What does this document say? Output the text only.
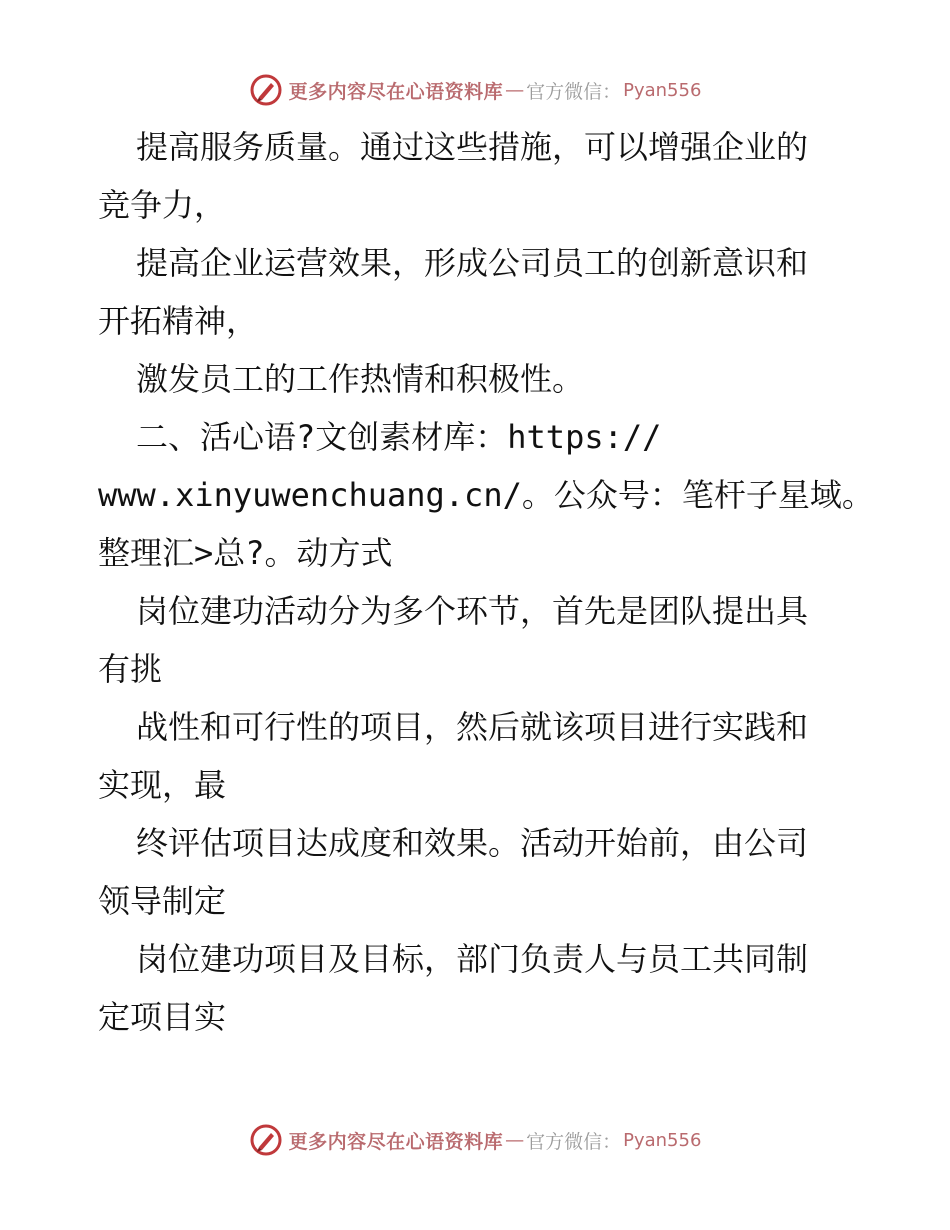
更多内容尽在心语资料库 — 官方微信： Pyan556
提高服务质量。通过这些措施，可以增强企业的
竞争力，
提高企业运营效果，形成公司员工的创新意识和
开拓精神，
激发员工的工作热情和积极性。
二、活心语?文创素材库：https://
www.xinyuwenchuang.cn/。公众号：笔杆子星域。
整理汇>总?。动方式
岗位建功活动分为多个环节，首先是团队提出具
有挑
战性和可行性的项目，然后就该项目进行实践和
实现，最
终评估项目达成度和效果。活动开始前，由公司
领导制定
岗位建功项目及目标，部门负责人与员工共同制
定项目实
更多内容尽在心语资料库 — 官方微信： Pyan556
